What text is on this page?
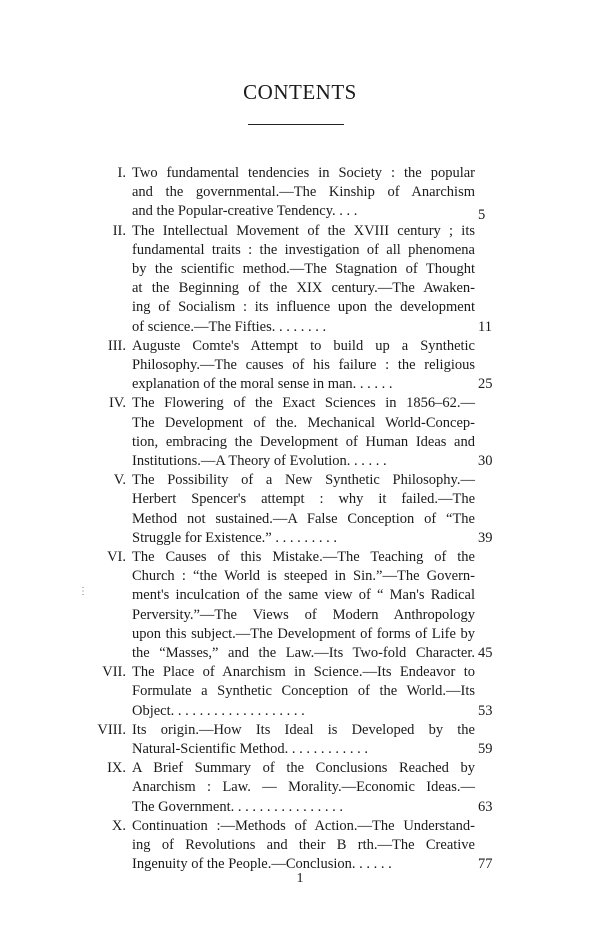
CONTENTS
I. Two fundamental tendencies in Society : the popular
and the governmental.—The Kinship of Anarchism
and the Popular-creative Tendency. . . .	5
II. The Intellectual Movement of the XVIII century ; its
fundamental traits : the investigation of all phenomena
by the scientific method.—The Stagnation of Thought
at the Beginning of the XIX century.—The Awaken-
ing of Socialism : its influence upon the development
of science.—The Fifties. . . . . . . .	11
III. Auguste Comte's Attempt to build up a Synthetic
Philosophy.—The causes of his failure : the religious
explanation of the moral sense in man. . . . . .	25
IV. The Flowering of the Exact Sciences in 1856–62.—
The Development of the. Mechanical World-Concep-
tion, embracing the Development of Human Ideas and
Institutions.—A Theory of Evolution. . . . . .	30
V. The Possibility of a New Synthetic Philosophy.—
Herbert Spencer's attempt : why it failed.—The
Method not sustained.—A False Conception of “The
Struggle for Existence.” . . . . . . . . .	39
VI. The Causes of this Mistake.—The Teaching of the
Church : “the World is steeped in Sin.”—The Govern-
ment's inculcation of the same view of “ Man's Radical
Perversity.”—The Views of Modern Anthropology
upon this subject.—The Development of forms of Life by
the “Masses,” and the Law.—Its Two-fold Character. 45
VII. The Place of Anarchism in Science.—Its Endeavor to
Formulate a Synthetic Conception of the World.—Its
Object. . . . . . . . . . . . . . . . . . .	53
VIII. Its origin.—How Its Ideal is Developed by the
Natural-Scientific Method. . . . . . . . . . . .	59
IX. A Brief Summary of the Conclusions Reached by
Anarchism : Law. — Morality.—Economic Ideas.—
The Government. . . . . . . . . . . . . . . .	63
X. Continuation :—Methods of Action.—The Understand-
ing of Revolutions and their B rth.—The Creative
Ingenuity of the People.—Conclusion. . . . . .	77
⋮
1
